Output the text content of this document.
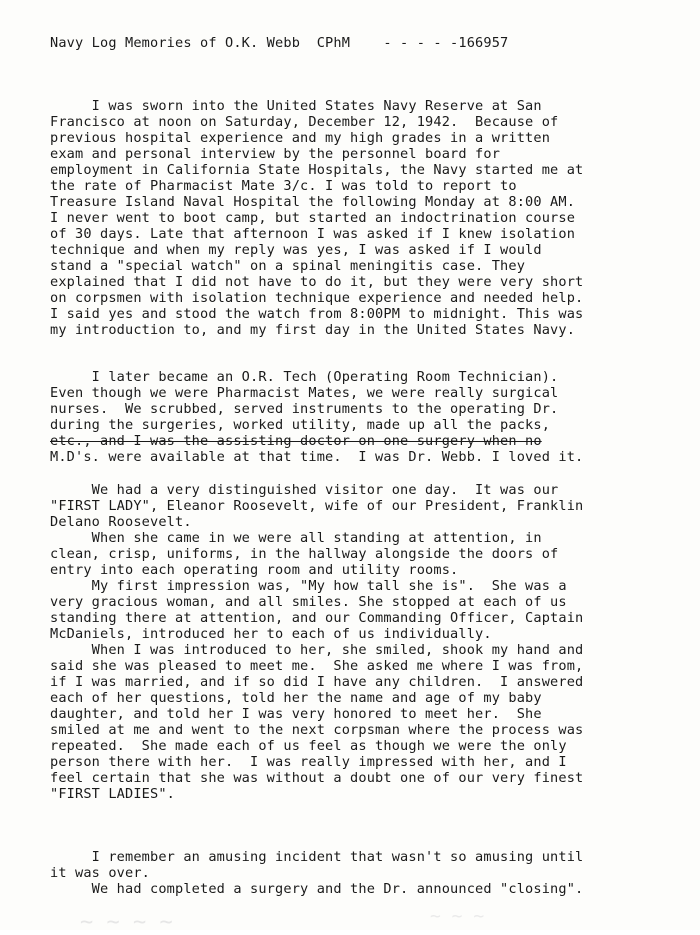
Navy Log Memories of O.K. Webb  CPhM    - - - - -166957
I was sworn into the United States Navy Reserve at San
Francisco at noon on Saturday, December 12, 1942.  Because of
previous hospital experience and my high grades in a written
exam and personal interview by the personnel board for
employment in California State Hospitals, the Navy started me at
the rate of Pharmacist Mate 3/c. I was told to report to
Treasure Island Naval Hospital the following Monday at 8:00 AM.
I never went to boot camp, but started an indoctrination course
of 30 days. Late that afternoon I was asked if I knew isolation
technique and when my reply was yes, I was asked if I would
stand a "special watch" on a spinal meningitis case. They
explained that I did not have to do it, but they were very short
on corpsmen with isolation technique experience and needed help.
I said yes and stood the watch from 8:00PM to midnight. This was
my introduction to, and my first day in the United States Navy.
I later became an O.R. Tech (Operating Room Technician).
Even though we were Pharmacist Mates, we were really surgical
nurses.  We scrubbed, served instruments to the operating Dr.
during the surgeries, worked utility, made up all the packs,
etc., and I was the assisting doctor on one surgery when no
M.D's. were available at that time.  I was Dr. Webb. I loved it.
We had a very distinguished visitor one day.  It was our
"FIRST LADY", Eleanor Roosevelt, wife of our President, Franklin
Delano Roosevelt.
When she came in we were all standing at attention, in
clean, crisp, uniforms, in the hallway alongside the doors of
entry into each operating room and utility rooms.
My first impression was, "My how tall she is".  She was a
very gracious woman, and all smiles. She stopped at each of us
standing there at attention, and our Commanding Officer, Captain
McDaniels, introduced her to each of us individually.
When I was introduced to her, she smiled, shook my hand and
said she was pleased to meet me.  She asked me where I was from,
if I was married, and if so did I have any children.  I answered
each of her questions, told her the name and age of my baby
daughter, and told her I was very honored to meet her.  She
smiled at me and went to the next corpsman where the process was
repeated.  She made each of us feel as though we were the only
person there with her.  I was really impressed with her, and I
feel certain that she was without a doubt one of our very finest
"FIRST LADIES".
I remember an amusing incident that wasn't so amusing until
it was over.
We had completed a surgery and the Dr. announced "closing".
~ ~ ~ ~	~ ~ ~
